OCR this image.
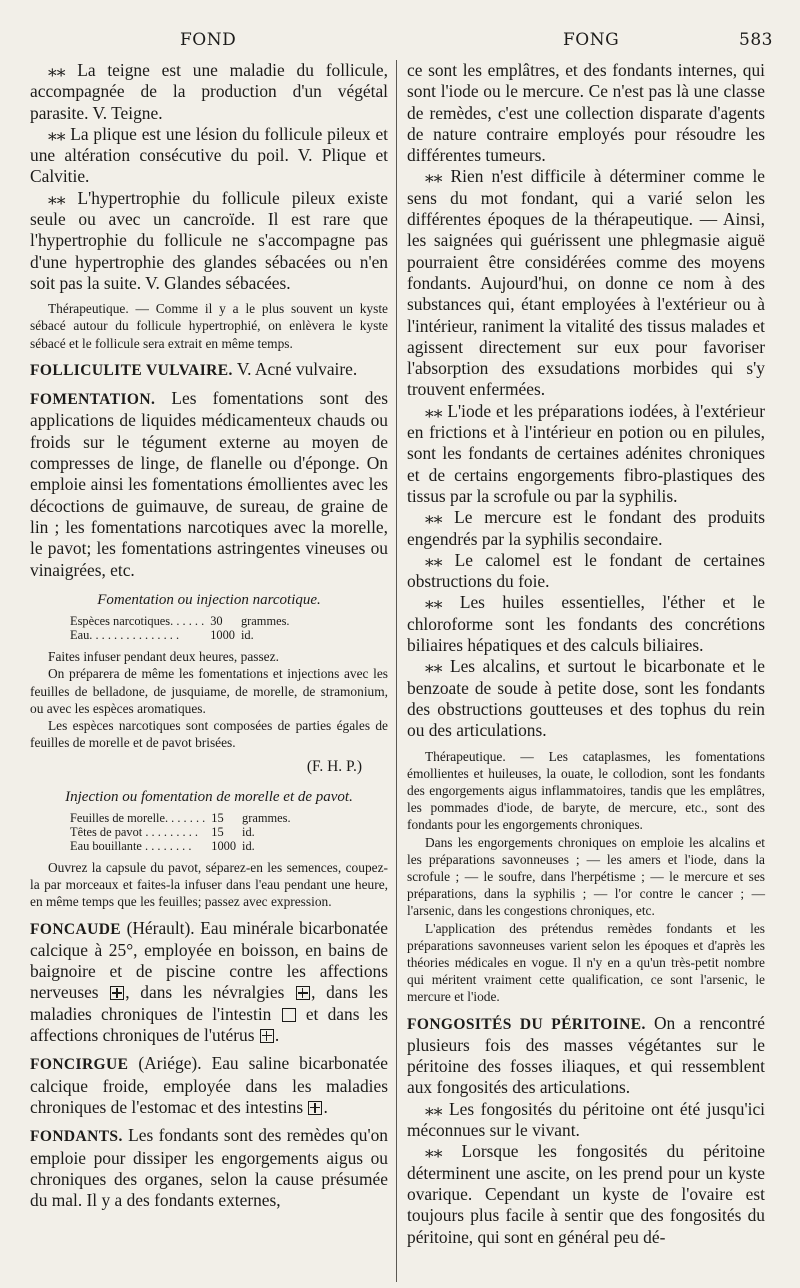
FOND	FONG	583

⁎⁎ La teigne est une maladie du follicule, accompagnée de la production d'un végétal parasite. V. Teigne.

⁎⁎ La plique est une lésion du follicule pileux et une altération consécutive du poil. V. Plique et Calvitie.

⁎⁎ L'hypertrophie du follicule pileux existe seule ou avec un cancroïde. Il est rare que l'hypertrophie du follicule ne s'accompagne pas d'une hypertrophie des glandes sébacées ou n'en soit pas la suite. V. Glandes sébacées.

Thérapeutique. — Comme il y a le plus souvent un kyste sébacé autour du follicule hypertrophié, on enlèvera le kyste sébacé et le follicule sera extrait en même temps.

FOLLICULITE VULVAIRE. V. Acné vulvaire.

FOMENTATION. Les fomentations sont des applications de liquides médicamenteux chauds ou froids sur le tégument externe au moyen de compresses de linge, de flanelle ou d'éponge. On emploie ainsi les fomentations émollientes avec les décoctions de guimauve, de sureau, de graine de lin ; les fomentations narcotiques avec la morelle, le pavot; les fomentations astringentes vineuses ou vinaigrées, etc.

Fomentation ou injection narcotique.

Espèces narcotiques. . . . . .	30	grammes.
Eau. . . . . . . . . . . . . . .	1000	id.

Faites infuser pendant deux heures, passez.

On préparera de même les fomentations et injections avec les feuilles de belladone, de jusquiame, de morelle, de stramonium, ou avec les espèces aromatiques.

Les espèces narcotiques sont composées de parties égales de feuilles de morelle et de pavot brisées.

(F. H. P.)

Injection ou fomentation de morelle et de pavot.

Feuilles de morelle. . . . . . .	15	grammes.
Têtes de pavot . . . . . . . . .	15	id.
Eau bouillante . . . . . . . .	1000	id.

Ouvrez la capsule du pavot, séparez-en les semences, coupez-la par morceaux et faites-la infuser dans l'eau pendant une heure, en même temps que les feuilles; passez avec expression.

FONCAUDE (Hérault). Eau minérale bicarbonatée calcique à 25°, employée en boisson, en bains de baignoire et de piscine contre les affections nerveuses , dans les névralgies , dans les maladies chroniques de l'intestin  et dans les affections chroniques de l'utérus .

FONCIRGUE (Ariége). Eau saline bicarbonatée calcique froide, employée dans les maladies chroniques de l'estomac et des intestins .

FONDANTS. Les fondants sont des remèdes qu'on emploie pour dissiper les engorgements aigus ou chroniques des organes, selon la cause présumée du mal. Il y a des fondants externes,

ce sont les emplâtres, et des fondants internes, qui sont l'iode ou le mercure. Ce n'est pas là une classe de remèdes, c'est une collection disparate d'agents de nature contraire employés pour résoudre les différentes tumeurs.

⁎⁎ Rien n'est difficile à déterminer comme le sens du mot fondant, qui a varié selon les différentes époques de la thérapeutique. — Ainsi, les saignées qui guérissent une phlegmasie aiguë pourraient être considérées comme des moyens fondants. Aujourd'hui, on donne ce nom à des substances qui, étant employées à l'extérieur ou à l'intérieur, raniment la vitalité des tissus malades et agissent directement sur eux pour favoriser l'absorption des exsudations morbides qui s'y trouvent enfermées.

⁎⁎ L'iode et les préparations iodées, à l'extérieur en frictions et à l'intérieur en potion ou en pilules, sont les fondants de certaines adénites chroniques et de certains engorgements fibro-plastiques des tissus par la scrofule ou par la syphilis.

⁎⁎ Le mercure est le fondant des produits engendrés par la syphilis secondaire.

⁎⁎ Le calomel est le fondant de certaines obstructions du foie.

⁎⁎ Les huiles essentielles, l'éther et le chloroforme sont les fondants des concrétions biliaires hépatiques et des calculs biliaires.

⁎⁎ Les alcalins, et surtout le bicarbonate et le benzoate de soude à petite dose, sont les fondants des obstructions goutteuses et des tophus du rein ou des articulations.

Thérapeutique. — Les cataplasmes, les fomentations émollientes et huileuses, la ouate, le collodion, sont les fondants des engorgements aigus inflammatoires, tandis que les emplâtres, les pommades d'iode, de baryte, de mercure, etc., sont des fondants pour les engorgements chroniques.

Dans les engorgements chroniques on emploie les alcalins et les préparations savonneuses ; — les amers et l'iode, dans la scrofule ; — le soufre, dans l'herpétisme ; — le mercure et ses préparations, dans la syphilis ; — l'or contre le cancer ; — l'arsenic, dans les congestions chroniques, etc.

L'application des prétendus remèdes fondants et les préparations savonneuses varient selon les époques et d'après les théories médicales en vogue. Il n'y en a qu'un très-petit nombre qui méritent vraiment cette qualification, ce sont l'arsenic, le mercure et l'iode.

FONGOSITÉS DU PÉRITOINE. On a rencontré plusieurs fois des masses végétantes sur le péritoine des fosses iliaques, et qui ressemblent aux fongosités des articulations.

⁎⁎ Les fongosités du péritoine ont été jusqu'ici méconnues sur le vivant.

⁎⁎ Lorsque les fongosités du péritoine déterminent une ascite, on les prend pour un kyste ovarique. Cependant un kyste de l'ovaire est toujours plus facile à sentir que des fongosités du péritoine, qui sont en général peu dé-
